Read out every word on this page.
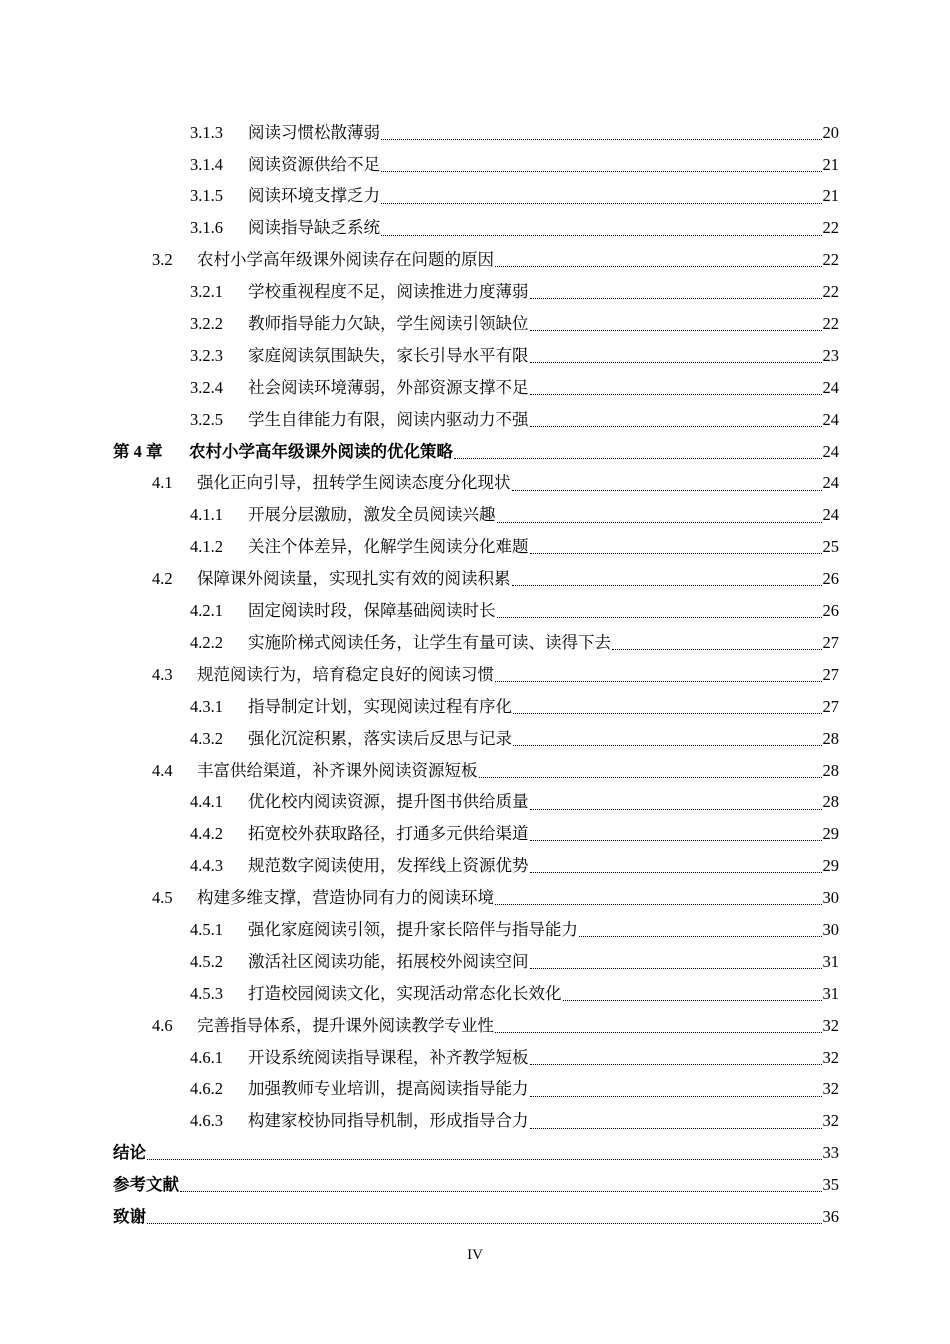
3.1.3	阅读习惯松散薄弱	20
3.1.4	阅读资源供给不足	21
3.1.5	阅读环境支撑乏力	21
3.1.6	阅读指导缺乏系统	22
3.2	农村小学高年级课外阅读存在问题的原因	22
3.2.1	学校重视程度不足，阅读推进力度薄弱	22
3.2.2	教师指导能力欠缺，学生阅读引领缺位	22
3.2.3	家庭阅读氛围缺失，家长引导水平有限	23
3.2.4	社会阅读环境薄弱，外部资源支撑不足	24
3.2.5	学生自律能力有限，阅读内驱动力不强	24
第 4 章	农村小学高年级课外阅读的优化策略	24
4.1	强化正向引导，扭转学生阅读态度分化现状	24
4.1.1	开展分层激励，激发全员阅读兴趣	24
4.1.2	关注个体差异，化解学生阅读分化难题	25
4.2	保障课外阅读量，实现扎实有效的阅读积累	26
4.2.1	固定阅读时段，保障基础阅读时长	26
4.2.2	实施阶梯式阅读任务，让学生有量可读、读得下去	27
4.3	规范阅读行为，培育稳定良好的阅读习惯	27
4.3.1	指导制定计划，实现阅读过程有序化	27
4.3.2	强化沉淀积累，落实读后反思与记录	28
4.4	丰富供给渠道，补齐课外阅读资源短板	28
4.4.1	优化校内阅读资源，提升图书供给质量	28
4.4.2	拓宽校外获取路径，打通多元供给渠道	29
4.4.3	规范数字阅读使用，发挥线上资源优势	29
4.5	构建多维支撑，营造协同有力的阅读环境	30
4.5.1	强化家庭阅读引领，提升家长陪伴与指导能力	30
4.5.2	激活社区阅读功能，拓展校外阅读空间	31
4.5.3	打造校园阅读文化，实现活动常态化长效化	31
4.6	完善指导体系，提升课外阅读教学专业性	32
4.6.1	开设系统阅读指导课程，补齐教学短板	32
4.6.2	加强教师专业培训，提高阅读指导能力	32
4.6.3	构建家校协同指导机制，形成指导合力	32
结论	33
参考文献	35
致谢	36
IV
